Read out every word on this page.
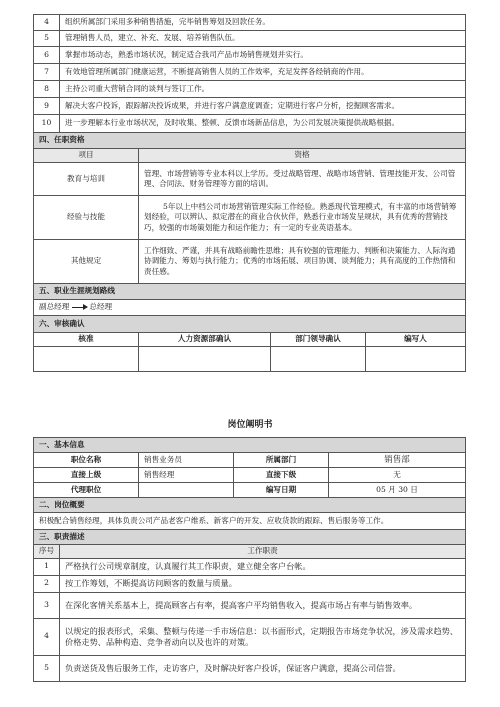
4	组织所属部门采用多种销售措施，完毕销售筹划及回款任务。			
5	管理销售人员，建立、补充、发展、培养销售队伍。			
6	掌握市场动态，熟悉市场状况，制定适合我司产品市场销售规划并实行。			
7	有效地管理所属部门健康运营，不断提高销售人员的工作效率，充足发挥各经销商的作用。			
8	主持公司重大营销合同的谈判与签订工作。			
9	解决大客户投诉，跟踪解决投诉成果，并进行客户满意度调查；定期进行客户分析，挖掘顾客需求。			
10	进一步理解本行业市场状况，及时收集、整顿、反馈市场新品信息，为公司发展决策提供战略根据。			
四、任职资格				
项目		资格		
教育与培训		管理、市场营销等专业本科以上学历。受过战略管理、战略市场营销、管理技能开发、公司管理、合同法、财务管理等方面的培训。		
经验与技能		5年以上中档公司市场营销管理实际工作经验。熟悉现代管理模式，有丰富的市场营销筹划经验，可以辨认、拟定潜在的商业合伙伙伴，熟悉行业市场发呈规状，具有优秀的营销技巧，较强的市场策划能力和运作能力；有一定的专业英语基本。		
其他规定		工作细致、严谨，并具有战略前瞻性思维；具有较强的管理能力、判断和决策能力、人际沟通协调能力、筹划与执行能力；优秀的市场拓展、项目协调、谈判能力；具有高度的工作热情和责任感。		
五、职业生涯规划路线				
副总经理 总经理				
六、审核确认				
核准		人力资源部确认	部门领导确认	编写人

岗位阐明书
一、基本信息				
职位名称		销售业务员	所属部门	销售部
直接上级		销售经理	直接下级	无
代理职位			编写日期	05 月 30 日
二、岗位概要				
积极配合销售经理，具体负责公司产品老客户维系、新客户的开发、应收货款的跟踪、售后服务等工作。				
三、职责描述				
序号	工作职责			
1	严格执行公司规章制度，认真履行其工作职责，建立健全客户台帐。			
2	按工作筹划，不断提高访问顾客的数量与质量。			
3	在深化客情关系基本上，提高顾客占有率，提高客户平均销售收入，提高市场占有率与销售效率。			
4	以规定的报表形式，采集、整顿与传递一手市场信息：以书面形式，定期报告市场竞争状况，涉及需求趋势、价格走势、品种构造、竞争者动向以及也许的对策。			
5	负责送货及售后服务工作，走访客户，及时解决好客户投诉，保证客户满意，提高公司信誉。			
